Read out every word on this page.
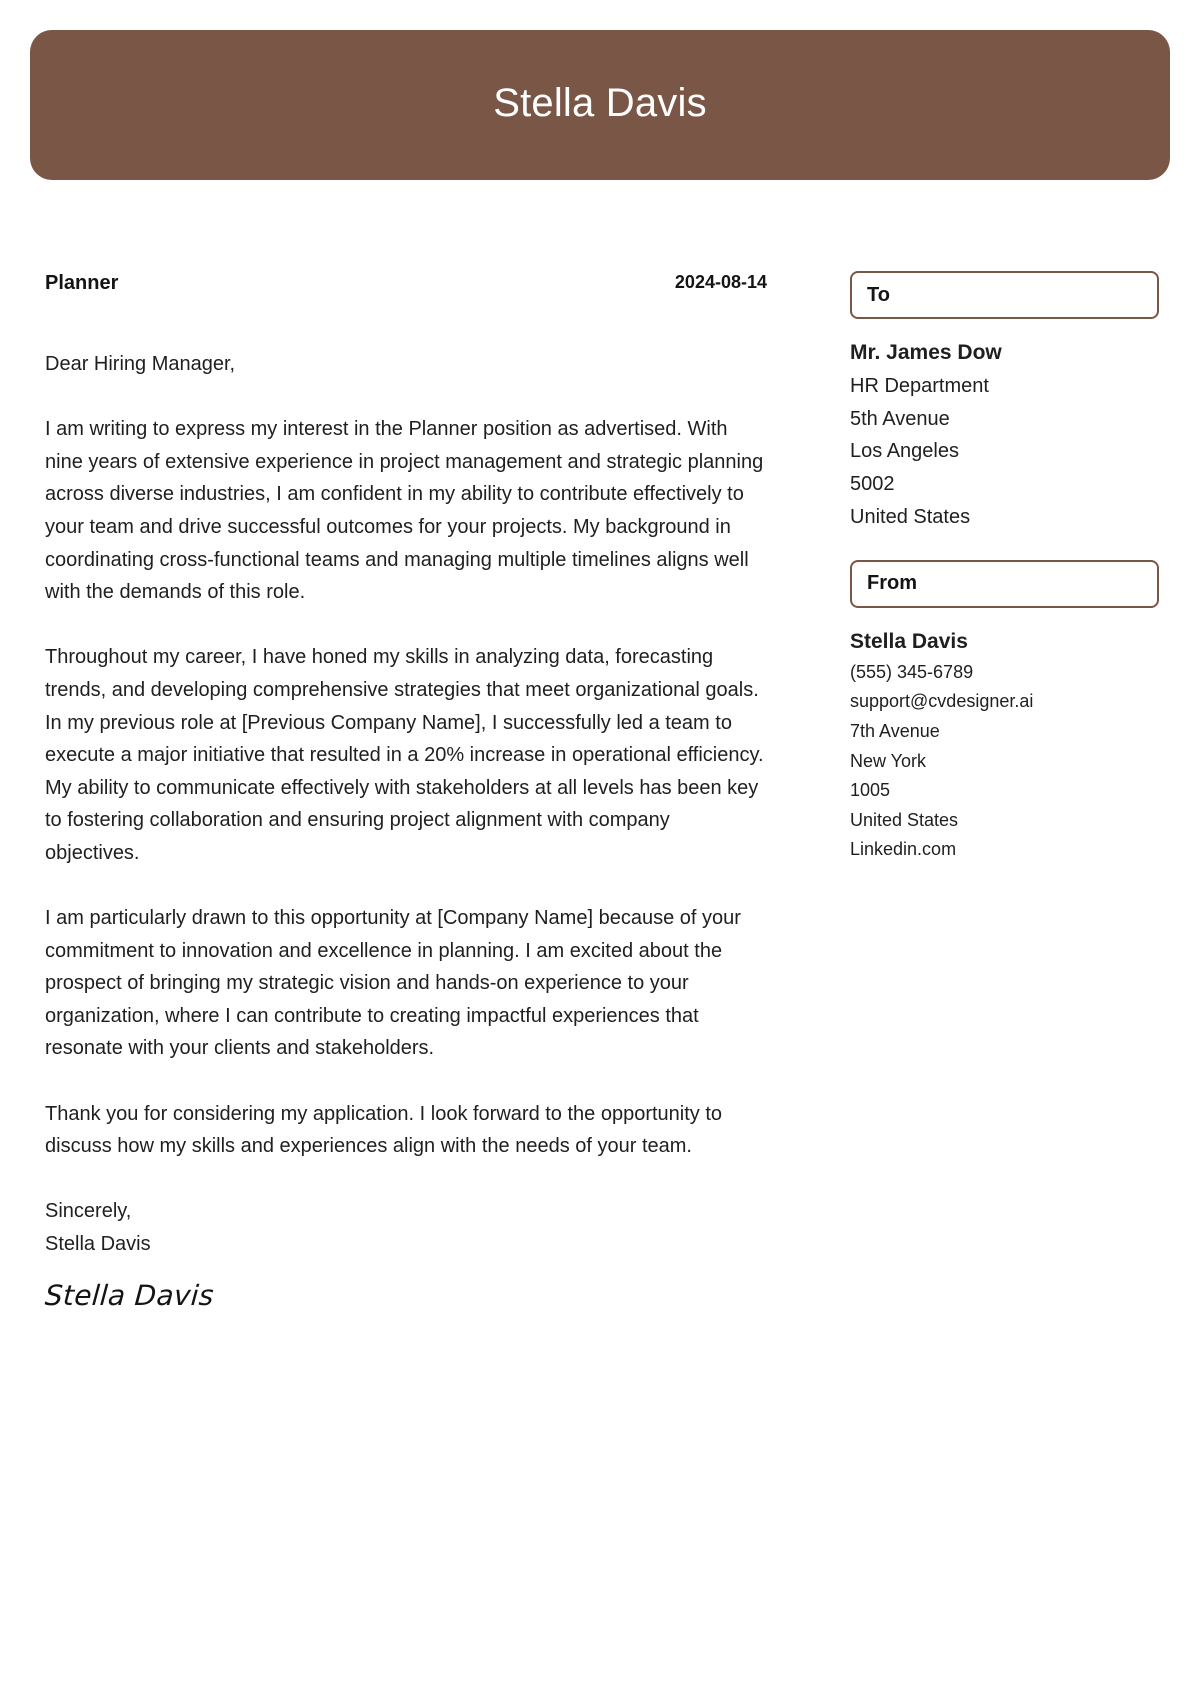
Stella Davis
Planner	2024-08-14

Dear Hiring Manager,

I am writing to express my interest in the Planner position as advertised. With nine years of extensive experience in project management and strategic planning across diverse industries, I am confident in my ability to contribute effectively to your team and drive successful outcomes for your projects. My background in coordinating cross-functional teams and managing multiple timelines aligns well with the demands of this role.

Throughout my career, I have honed my skills in analyzing data, forecasting trends, and developing comprehensive strategies that meet organizational goals. In my previous role at [Previous Company Name], I successfully led a team to execute a major initiative that resulted in a 20% increase in operational efficiency. My ability to communicate effectively with stakeholders at all levels has been key to fostering collaboration and ensuring project alignment with company objectives.

I am particularly drawn to this opportunity at [Company Name] because of your commitment to innovation and excellence in planning. I am excited about the prospect of bringing my strategic vision and hands-on experience to your organization, where I can contribute to creating impactful experiences that resonate with your clients and stakeholders.

Thank you for considering my application. I look forward to the opportunity to discuss how my skills and experiences align with the needs of your team.

Sincerely,
Stella Davis
Stella Davis
To
Mr. James Dow
HR Department
5th Avenue
Los Angeles
5002
United States
From
Stella Davis
(555) 345-6789
support@cvdesigner.ai
7th Avenue
New York
1005
United States
Linkedin.com
